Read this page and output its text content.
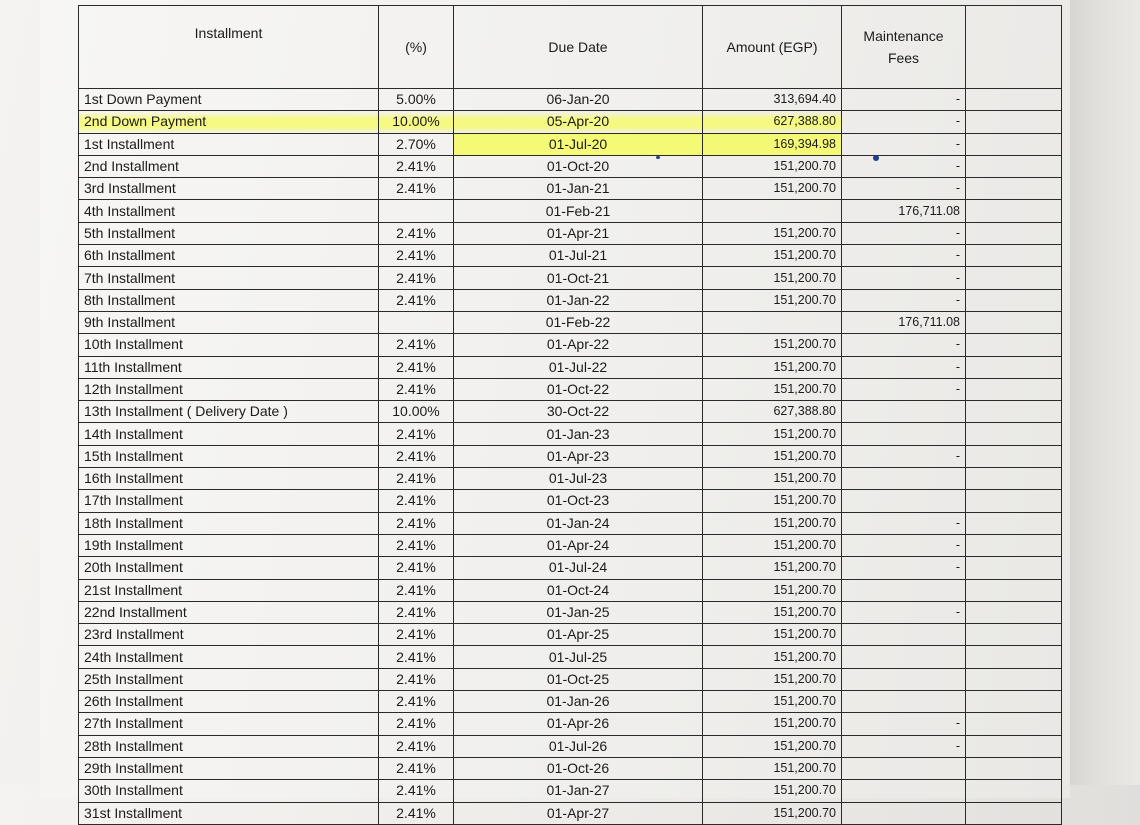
Installment	(%)	Due Date	Amount (EGP)	Maintenance Fees	
1st Down Payment	5.00%	06-Jan-20	313,694.40	-	
2nd Down Payment	10.00%	05-Apr-20	627,388.80	-	
1st Installment	2.70%	01-Jul-20	169,394.98	-	
2nd Installment	2.41%	01-Oct-20	151,200.70	-	
3rd Installment	2.41%	01-Jan-21	151,200.70	-	
4th Installment		01-Feb-21		176,711.08	
5th Installment	2.41%	01-Apr-21	151,200.70	-	
6th Installment	2.41%	01-Jul-21	151,200.70	-	
7th Installment	2.41%	01-Oct-21	151,200.70	-	
8th Installment	2.41%	01-Jan-22	151,200.70	-	
9th Installment		01-Feb-22		176,711.08	
10th Installment	2.41%	01-Apr-22	151,200.70	-	
11th Installment	2.41%	01-Jul-22	151,200.70	-	
12th Installment	2.41%	01-Oct-22	151,200.70	-	
13th Installment ( Delivery Date )	10.00%	30-Oct-22	627,388.80		
14th Installment	2.41%	01-Jan-23	151,200.70		
15th Installment	2.41%	01-Apr-23	151,200.70	-	
16th Installment	2.41%	01-Jul-23	151,200.70		
17th Installment	2.41%	01-Oct-23	151,200.70		
18th Installment	2.41%	01-Jan-24	151,200.70	-	
19th Installment	2.41%	01-Apr-24	151,200.70	-	
20th Installment	2.41%	01-Jul-24	151,200.70	-	
21st Installment	2.41%	01-Oct-24	151,200.70		
22nd Installment	2.41%	01-Jan-25	151,200.70	-	
23rd Installment	2.41%	01-Apr-25	151,200.70		
24th Installment	2.41%	01-Jul-25	151,200.70		
25th Installment	2.41%	01-Oct-25	151,200.70		
26th Installment	2.41%	01-Jan-26	151,200.70		
27th Installment	2.41%	01-Apr-26	151,200.70	-	
28th Installment	2.41%	01-Jul-26	151,200.70	-	
29th Installment	2.41%	01-Oct-26	151,200.70		
30th Installment	2.41%	01-Jan-27	151,200.70		
31st Installment	2.41%	01-Apr-27	151,200.70		
